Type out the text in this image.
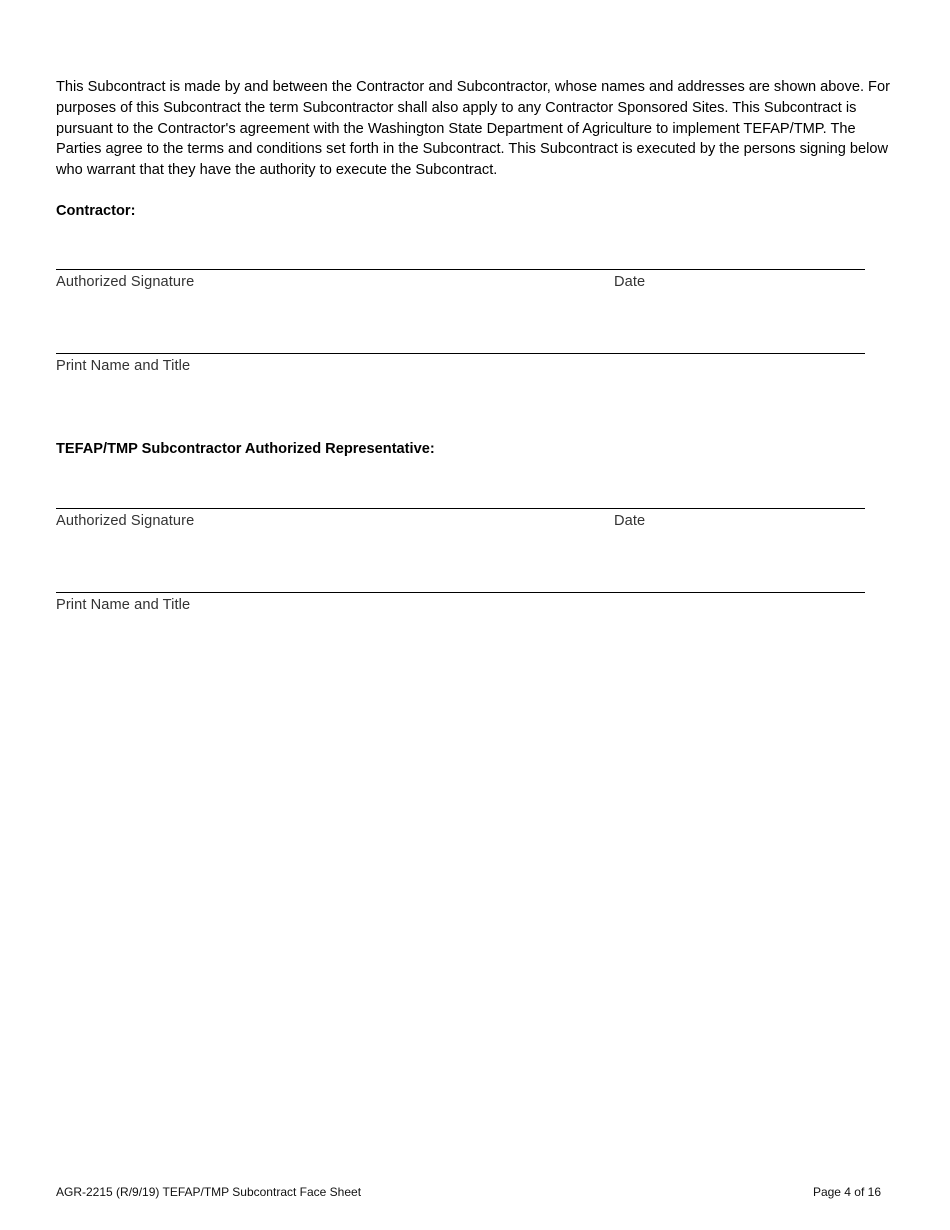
This Subcontract is made by and between the Contractor and Subcontractor, whose names and addresses are shown above. For purposes of this Subcontract the term Subcontractor shall also apply to any Contractor Sponsored Sites. This Subcontract is pursuant to the Contractor's agreement with the Washington State Department of Agriculture to implement TEFAP/TMP. The Parties agree to the terms and conditions set forth in the Subcontract. This Subcontract is executed by the persons signing below who warrant that they have the authority to execute the Subcontract.

Contractor:

Authorized Signature	Date
Print Name and Title

TEFAP/TMP Subcontractor Authorized Representative:

Authorized Signature	Date
Print Name and Title
AGR-2215 (R/9/19) TEFAP/TMP Subcontract Face Sheet	Page 4 of 16
